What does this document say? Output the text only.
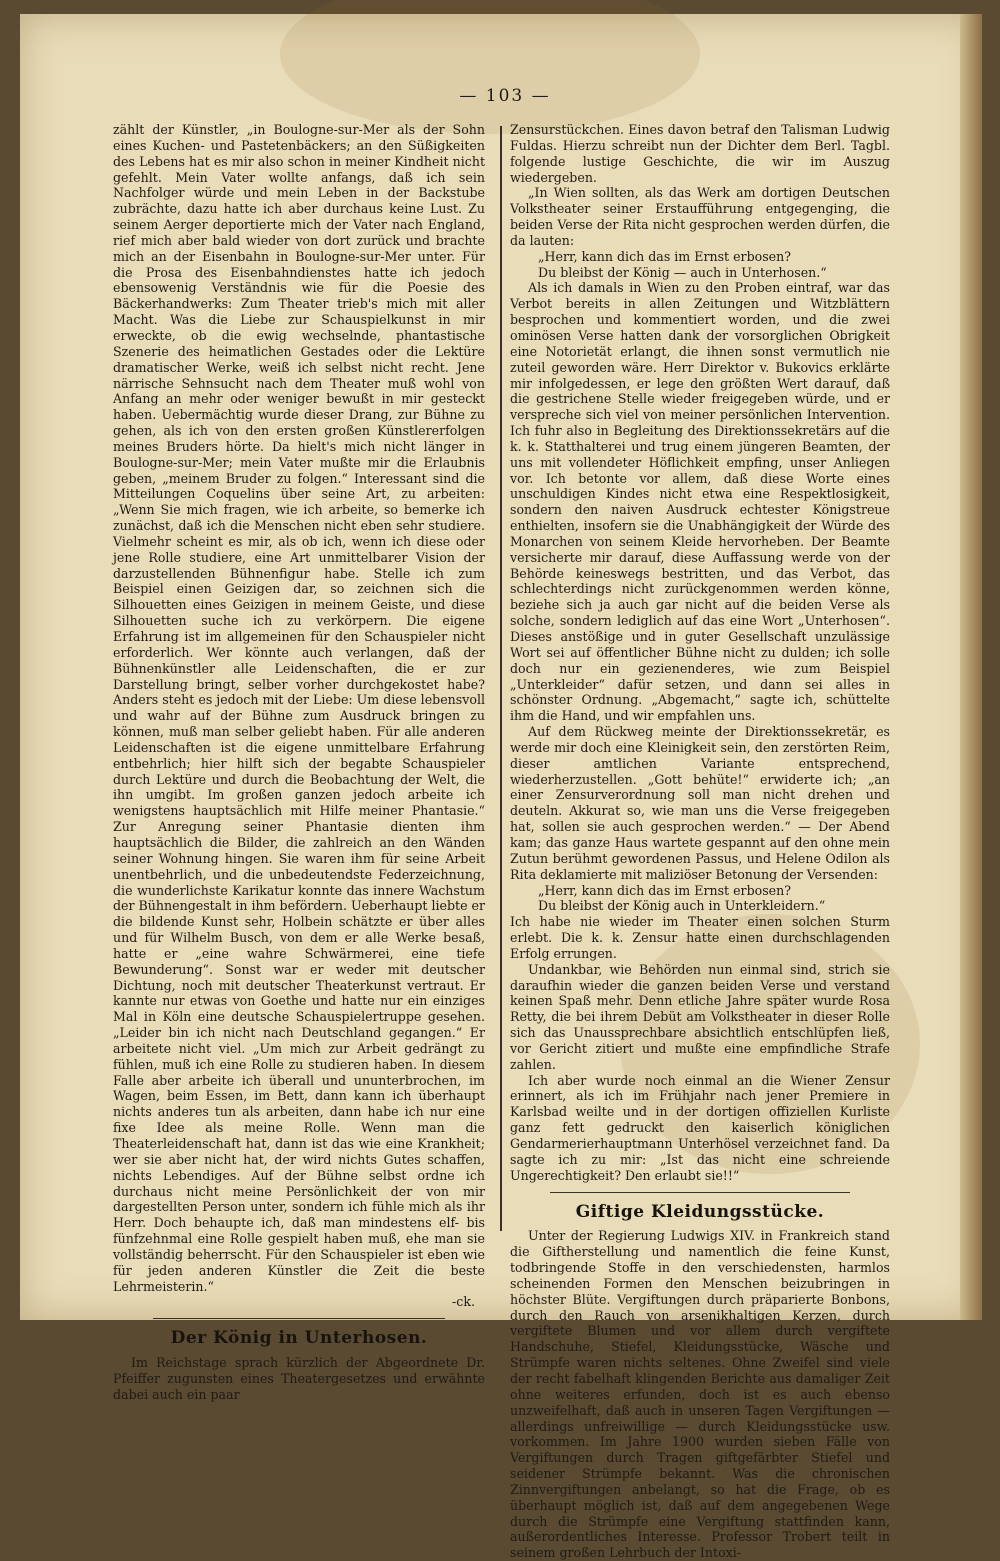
— 103 —

zählt der Künstler, „in Boulogne-sur-Mer als der Sohn eines Kuchen- und Pastetenbäckers; an den Süßigkeiten des Lebens hat es mir also schon in meiner Kindheit nicht gefehlt. Mein Vater wollte anfangs, daß ich sein Nachfolger würde und mein Leben in der Backstube zubrächte, dazu hatte ich aber durchaus keine Lust. Zu seinem Aerger deportierte mich der Vater nach England, rief mich aber bald wieder von dort zurück und brachte mich an der Eisenbahn in Boulogne-sur-Mer unter. Für die Prosa des Eisenbahndienstes hatte ich jedoch ebensowenig Verständnis wie für die Poesie des Bäckerhandwerks: Zum Theater trieb's mich mit aller Macht. Was die Liebe zur Schauspielkunst in mir erweckte, ob die ewig wechselnde, phantastische Szenerie des heimatlichen Gestades oder die Lektüre dramatischer Werke, weiß ich selbst nicht recht. Jene närrische Sehnsucht nach dem Theater muß wohl von Anfang an mehr oder weniger bewußt in mir gesteckt haben. Uebermächtig wurde dieser Drang, zur Bühne zu gehen, als ich von den ersten großen Künstlererfolgen meines Bruders hörte. Da hielt's mich nicht länger in Boulogne-sur-Mer; mein Vater mußte mir die Erlaubnis geben, „meinem Bruder zu folgen.“ Interessant sind die Mitteilungen Coquelins über seine Art, zu arbeiten: „Wenn Sie mich fragen, wie ich arbeite, so bemerke ich zunächst, daß ich die Menschen nicht eben sehr studiere. Vielmehr scheint es mir, als ob ich, wenn ich diese oder jene Rolle studiere, eine Art unmittelbarer Vision der darzustellenden Bühnenfigur habe. Stelle ich zum Beispiel einen Geizigen dar, so zeichnen sich die Silhouetten eines Geizigen in meinem Geiste, und diese Silhouetten suche ich zu verkörpern. Die eigene Erfahrung ist im allgemeinen für den Schauspieler nicht erforderlich. Wer könnte auch verlangen, daß der Bühnenkünstler alle Leidenschaften, die er zur Darstellung bringt, selber vorher durchgekostet habe? Anders steht es jedoch mit der Liebe: Um diese lebensvoll und wahr auf der Bühne zum Ausdruck bringen zu können, muß man selber geliebt haben. Für alle anderen Leidenschaften ist die eigene unmittelbare Erfahrung entbehrlich; hier hilft sich der begabte Schauspieler durch Lektüre und durch die Beobachtung der Welt, die ihn umgibt. Im großen ganzen jedoch arbeite ich wenigstens hauptsächlich mit Hilfe meiner Phantasie.“ Zur Anregung seiner Phantasie dienten ihm hauptsächlich die Bilder, die zahlreich an den Wänden seiner Wohnung hingen. Sie waren ihm für seine Arbeit unentbehrlich, und die unbedeutendste Federzeichnung, die wunderlichste Karikatur konnte das innere Wachstum der Bühnengestalt in ihm befördern. Ueberhaupt liebte er die bildende Kunst sehr, Holbein schätzte er über alles und für Wilhelm Busch, von dem er alle Werke besaß, hatte er „eine wahre Schwärmerei, eine tiefe Bewunderung“. Sonst war er weder mit deutscher Dichtung, noch mit deutscher Theaterkunst vertraut. Er kannte nur etwas von Goethe und hatte nur ein einziges Mal in Köln eine deutsche Schauspielertruppe gesehen. „Leider bin ich nicht nach Deutschland gegangen.“ Er arbeitete nicht viel. „Um mich zur Arbeit gedrängt zu fühlen, muß ich eine Rolle zu studieren haben. In diesem Falle aber arbeite ich überall und ununterbrochen, im Wagen, beim Essen, im Bett, dann kann ich überhaupt nichts anderes tun als arbeiten, dann habe ich nur eine fixe Idee als meine Rolle. Wenn man die Theaterleidenschaft hat, dann ist das wie eine Krankheit; wer sie aber nicht hat, der wird nichts Gutes schaffen, nichts Lebendiges. Auf der Bühne selbst ordne ich durchaus nicht meine Persönlichkeit der von mir dargestellten Person unter, sondern ich fühle mich als ihr Herr. Doch behaupte ich, daß man mindestens elf- bis fünfzehnmal eine Rolle gespielt haben muß, ehe man sie vollständig beherrscht. Für den Schauspieler ist eben wie für jeden anderen Künstler die Zeit die beste Lehrmeisterin.“

-ck.

Der König in Unterhosen.

Im Reichstage sprach kürzlich der Abgeordnete Dr. Pfeiffer zugunsten eines Theatergesetzes und erwähnte dabei auch ein paar

Zensurstückchen. Eines davon betraf den Talisman Ludwig Fuldas. Hierzu schreibt nun der Dichter dem Berl. Tagbl. folgende lustige Geschichte, die wir im Auszug wiedergeben.

„In Wien sollten, als das Werk am dortigen Deutschen Volkstheater seiner Erstaufführung entgegenging, die beiden Verse der Rita nicht gesprochen werden dürfen, die da lauten:

„Herr, kann dich das im Ernst erbosen?

Du bleibst der König — auch in Unterhosen.“

Als ich damals in Wien zu den Proben eintraf, war das Verbot bereits in allen Zeitungen und Witzblättern besprochen und kommentiert worden, und die zwei ominösen Verse hatten dank der vorsorglichen Obrigkeit eine Notorietät erlangt, die ihnen sonst vermutlich nie zuteil geworden wäre. Herr Direktor v. Bukovics erklärte mir infolgedessen, er lege den größten Wert darauf, daß die gestrichene Stelle wieder freigegeben würde, und er verspreche sich viel von meiner persönlichen Intervention. Ich fuhr also in Begleitung des Direktionssekretärs auf die k. k. Statthalterei und trug einem jüngeren Beamten, der uns mit vollendeter Höflichkeit empfing, unser Anliegen vor. Ich betonte vor allem, daß diese Worte eines unschuldigen Kindes nicht etwa eine Respektlosigkeit, sondern den naiven Ausdruck echtester Königstreue enthielten, insofern sie die Unabhängigkeit der Würde des Monarchen von seinem Kleide hervorheben. Der Beamte versicherte mir darauf, diese Auffassung werde von der Behörde keineswegs bestritten, und das Verbot, das schlechterdings nicht zurückgenommen werden könne, beziehe sich ja auch gar nicht auf die beiden Verse als solche, sondern lediglich auf das eine Wort „Unterhosen“. Dieses anstößige und in guter Gesellschaft unzulässige Wort sei auf öffentlicher Bühne nicht zu dulden; ich solle doch nur ein gezienenderes, wie zum Beispiel „Unterkleider“ dafür setzen, und dann sei alles in schönster Ordnung. „Abgemacht,“ sagte ich, schüttelte ihm die Hand, und wir empfahlen uns.

Auf dem Rückweg meinte der Direktionssekretär, es werde mir doch eine Kleinigkeit sein, den zerstörten Reim, dieser amtlichen Variante entsprechend, wiederherzustellen. „Gott behüte!“ erwiderte ich; „an einer Zensurverordnung soll man nicht drehen und deuteln. Akkurat so, wie man uns die Verse freigegeben hat, sollen sie auch gesprochen werden.“ — Der Abend kam; das ganze Haus wartete gespannt auf den ohne mein Zutun berühmt gewordenen Passus, und Helene Odilon als Rita deklamierte mit maliziöser Betonung der Versenden:

„Herr, kann dich das im Ernst erbosen?

Du bleibst der König auch in Unterkleidern.“

Ich habe nie wieder im Theater einen solchen Sturm erlebt. Die k. k. Zensur hatte einen durchschlagenden Erfolg errungen.

Undankbar, wie Behörden nun einmal sind, strich sie daraufhin wieder die ganzen beiden Verse und verstand keinen Spaß mehr. Denn etliche Jahre später wurde Rosa Retty, die bei ihrem Debüt am Volkstheater in dieser Rolle sich das Unaussprechbare absichtlich entschlüpfen ließ, vor Gericht zitiert und mußte eine empfindliche Strafe zahlen.

Ich aber wurde noch einmal an die Wiener Zensur erinnert, als ich im Frühjahr nach jener Premiere in Karlsbad weilte und in der dortigen offiziellen Kurliste ganz fett gedruckt den kaiserlich königlichen Gendarmerierhauptmann Unterhösel verzeichnet fand. Da sagte ich zu mir: „Ist das nicht eine schreiende Ungerechtigkeit? Den erlaubt sie!!“

Giftige Kleidungsstücke.

Unter der Regierung Ludwigs XIV. in Frankreich stand die Giftherstellung und namentlich die feine Kunst, todbringende Stoffe in den verschiedensten, harmlos scheinenden Formen den Menschen beizubringen in höchster Blüte. Vergiftungen durch präparierte Bonbons, durch den Rauch von arsenikhaltigen Kerzen, durch vergiftete Blumen und vor allem durch vergiftete Handschuhe, Stiefel, Kleidungsstücke, Wäsche und Strümpfe waren nichts seltenes. Ohne Zweifel sind viele der recht fabelhaft klingenden Berichte aus damaliger Zeit ohne weiteres erfunden, doch ist es auch ebenso unzweifelhaft, daß auch in unseren Tagen Vergiftungen — allerdings unfreiwillige — durch Kleidungsstücke usw. vorkommen. Im Jahre 1900 wurden sieben Fälle von Vergiftungen durch Tragen giftgefärbter Stiefel und seidener Strümpfe bekannt. Was die chronischen Zinnvergiftungen anbelangt, so hat die Frage, ob es überhaupt möglich ist, daß auf dem angegebenen Wege durch die Strümpfe eine Vergiftung stattfinden kann, außerordentliches Interesse. Professor Trobert teilt in seinem großen Lehrbuch der Intoxi-
